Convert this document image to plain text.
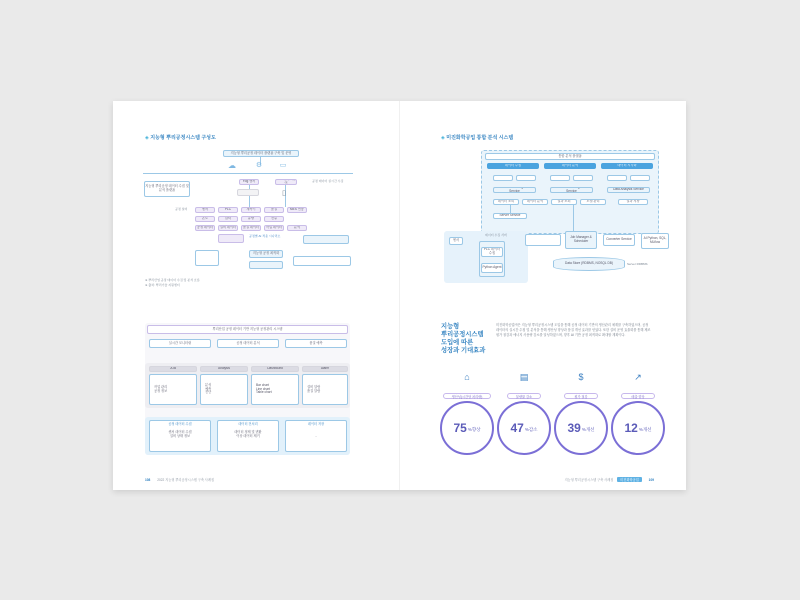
◈ 지능형 뿌리공정시스템 구성도
지능형 뿌리공정 데이터 플랫폼 구축 및 운영
☁	⚙	▭
지능형 뿌리공정 데이터 수집 및 분석 플랫폼
Fog 센서	IoT 게이트웨이	공정 데이터 실시간 수집
▯
공정 설비	센서	PLC	계측기	품질	MES 연동
온도	압력	유량	전류
공정 데이터	설비 데이터	품질 데이터	작업 데이터	분석
공정별 AI 적용 시나리오
지능형 공정 최적화
※ 뿌리산업 공정 데이터 수집 및 분석 흐름
※ 출처: 뿌리기술 지원센터
뿌리산업 공정 데이터 기반 지능형 공정관리 시스템
실시간 모니터링	공정 데이터 분석	품질 예측
JOB	Analysis	Dashboard	Alarm
작업 관리
공정 정보
분석
예측
진단
Bar chart
Line chart
Table chart
설비 알람
품질 알람
공정 데이터 수집
센서 데이터 수집
설비 상태 정보
데이터 전처리
데이터 정제 및 변환
이상 데이터 제거
데이터 저장
-
108 2022 지능형 뿌리공정시스템 구축 사례집
◈ 미진화학공업 통합 분석 시스템
통합 분석 플랫폼
데이터 수집	데이터 분석	데이터 시각화
Dashboard Management Service
Scheduler Management Service	Data Analysis Service
데이터 조회	데이터 분석	결과 조회	모델 관리	결과 저장
Server Service
센서
데이터 수집 서버
PLC 데이터 수집
Python Agent
Job Manager & Scheduler	Converter Service	AI Python, SQL, MLflow
Data Store (RDBMS, NOSQL DB)	Server RDBMS
지능형
뿌리공정시스템
도입에 따른
성장과 기대효과
미진화학공업㈜은 지능형 뿌리공정시스템 도입을 통해 공정 데이터 기반의 생산관리 체계를 구축하였으며, 공정 데이터의 실시간 수집 및 분석을 통해 생산성 향상과 품질 개선 효과를 얻었다. 또한 설비 운영 효율화를 통해 제조원가 절감과 에너지 사용량 감소를 달성하였으며, 향후 AI 기반 공정 최적화로 확대할 계획이다.
⌂	▤	$	↗
75 %향상 47 %감소 39 %개선 12 %개선
생산성(시간당 처리량)	불량률 감소	원가 절감	매출 향상
지능형 뿌리공정시스템 구축 사례집 미진화학공업	109
